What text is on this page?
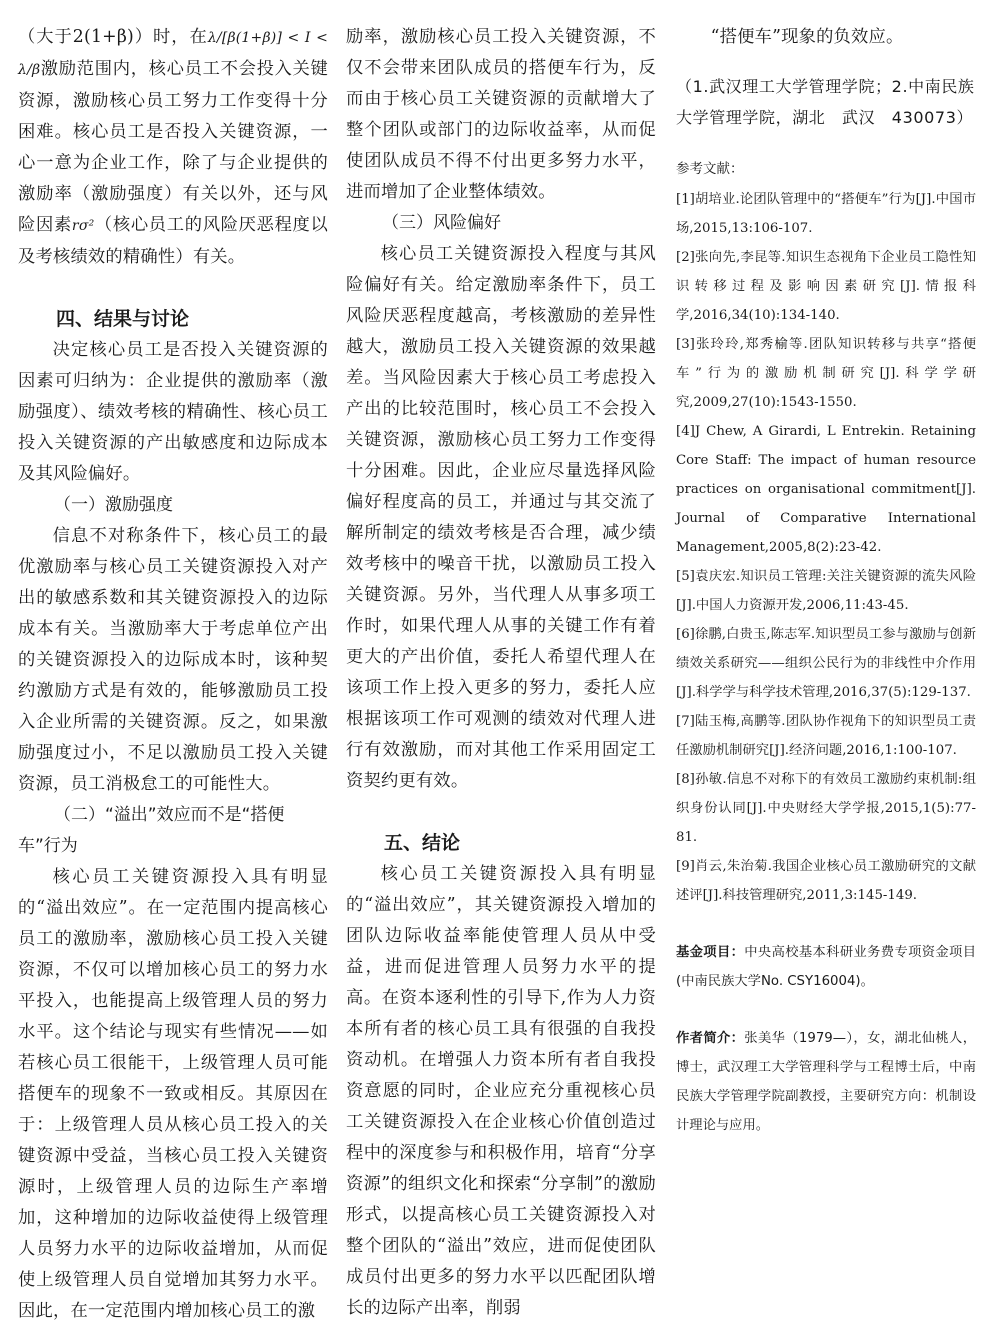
（大于2(1+β)）时，在λ/[β(1+β)] < I < λ/β激励范围内，核心员工不会投入关键资源，激励核心员工努力工作变得十分困难。核心员工是否投入关键资源，一心一意为企业工作，除了与企业提供的激励率（激励强度）有关以外，还与风险因素rσ²（核心员工的风险厌恶程度以及考核绩效的精确性）有关。

四、结果与讨论

决定核心员工是否投入关键资源的因素可归纳为：企业提供的激励率（激励强度）、绩效考核的精确性、核心员工投入关键资源的产出敏感度和边际成本及其风险偏好。

（一）激励强度

信息不对称条件下，核心员工的最优激励率与核心员工关键资源投入对产出的敏感系数和其关键资源投入的边际成本有关。当激励率大于考虑单位产出的关键资源投入的边际成本时，该种契约激励方式是有效的，能够激励员工投入企业所需的关键资源。反之，如果激励强度过小，不足以激励员工投入关键资源，员工消极怠工的可能性大。

（二）“溢出”效应而不是“搭便

车”行为

核心员工关键资源投入具有明显的“溢出效应”。在一定范围内提高核心员工的激励率，激励核心员工投入关键资源，不仅可以增加核心员工的努力水平投入，也能提高上级管理人员的努力水平。这个结论与现实有些情况——如若核心员工很能干，上级管理人员可能搭便车的现象不一致或相反。其原因在于：上级管理人员从核心员工投入的关键资源中受益，当核心员工投入关键资源时，上级管理人员的边际生产率增加，这种增加的边际收益使得上级管理人员努力水平的边际收益增加，从而促使上级管理人员自觉增加其努力水平。因此，在一定范围内增加核心员工的激

励率，激励核心员工投入关键资源，不仅不会带来团队成员的搭便车行为，反而由于核心员工关键资源的贡献增大了整个团队或部门的边际收益率，从而促使团队成员不得不付出更多努力水平，进而增加了企业整体绩效。

（三）风险偏好

核心员工关键资源投入程度与其风险偏好有关。给定激励率条件下，员工风险厌恶程度越高，考核激励的差异性越大，激励员工投入关键资源的效果越差。当风险因素大于核心员工考虑投入产出的比较范围时，核心员工不会投入关键资源，激励核心员工努力工作变得十分困难。因此，企业应尽量选择风险偏好程度高的员工，并通过与其交流了解所制定的绩效考核是否合理，减少绩效考核中的噪音干扰，以激励员工投入关键资源。另外，当代理人从事多项工作时，如果代理人从事的关键工作有着更大的产出价值，委托人希望代理人在该项工作上投入更多的努力，委托人应根据该项工作可观测的绩效对代理人进行有效激励，而对其他工作采用固定工资契约更有效。

五、结论

核心员工关键资源投入具有明显的“溢出效应”，其关键资源投入增加的团队边际收益率能使管理人员从中受益，进而促进管理人员努力水平的提高。在资本逐利性的引导下,作为人力资本所有者的核心员工具有很强的自我投资动机。在增强人力资本所有者自我投资意愿的同时，企业应充分重视核心员工关键资源投入在企业核心价值创造过程中的深度参与和积极作用，培育“分享资源”的组织文化和探索“分享制”的激励形式，以提高核心员工关键资源投入对整个团队的“溢出”效应，进而促使团队成员付出更多的努力水平以匹配团队增长的边际产出率，削弱

“搭便车”现象的负效应。

（1.武汉理工大学管理学院；2.中南民族大学管理学院，湖北　武汉　430073）

参考文献：

[1]胡培业.论团队管理中的“搭便车”行为[J].中国市场,2015,13:106-107.

[2]张向先,李昆等.知识生态视角下企业员工隐性知识转移过程及影响因素研究[J].情报科学,2016,34(10):134-140.

[3]张玲玲,郑秀榆等.团队知识转移与共享“搭便车”行为的激励机制研究[J].科学学研究,2009,27(10):1543-1550.

[4]J Chew, A Girardi, L Entrekin. Retaining Core Staff: The impact of human resource practices on organisational commitment[J]. Journal of Comparative International Management,2005,8(2):23-42.

[5]袁庆宏.知识员工管理:关注关键资源的流失风险[J].中国人力资源开发,2006,11:43-45.

[6]徐鹏,白贵玉,陈志军.知识型员工参与激励与创新绩效关系研究——组织公民行为的非线性中介作用[J].科学学与科学技术管理,2016,37(5):129-137.

[7]陆玉梅,高鹏等.团队协作视角下的知识型员工责任激励机制研究[J].经济问题,2016,1:100-107.

[8]孙敏.信息不对称下的有效员工激励约束机制:组织身份认同[J].中央财经大学学报,2015,1(5):77-81.

[9]肖云,朱治菊.我国企业核心员工激励研究的文献述评[J].科技管理研究,2011,3:145-149.

基金项目：中央高校基本科研业务费专项资金项目(中南民族大学No. CSY16004)。

作者简介：张美华（1979—），女，湖北仙桃人，博士，武汉理工大学管理科学与工程博士后，中南民族大学管理学院副教授，主要研究方向：机制设计理论与应用。
